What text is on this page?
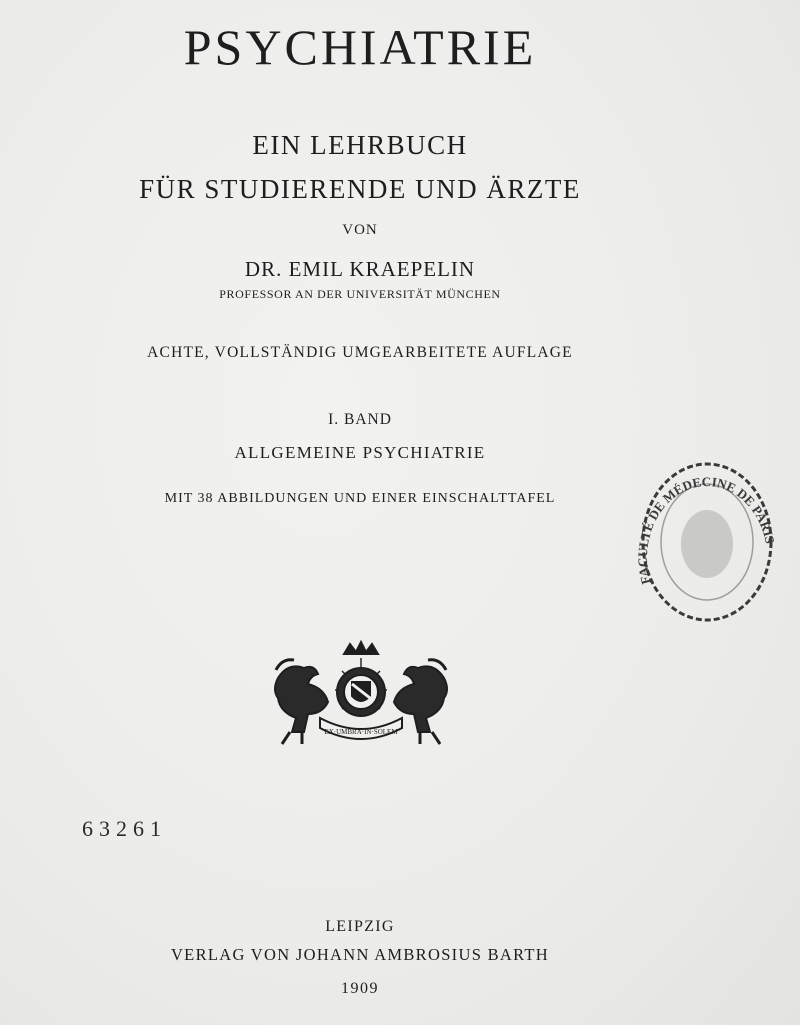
PSYCHIATRIE
EIN LEHRBUCH
FÜR STUDIERENDE UND ÄRZTE
VON
DR. EMIL KRAEPELIN
PROFESSOR AN DER UNIVERSITÄT MÜNCHEN
ACHTE, VOLLSTÄNDIG UMGEARBEITETE AUFLAGE
I. BAND
ALLGEMEINE PSYCHIATRIE
MIT 38 ABBILDUNGEN UND EINER EINSCHALTTAFEL
EX·UMBRA·IN·SOLEM
FACULTÉ DE MÉDECINE DE PARIS
63261
LEIPZIG
VERLAG VON JOHANN AMBROSIUS BARTH
1909
